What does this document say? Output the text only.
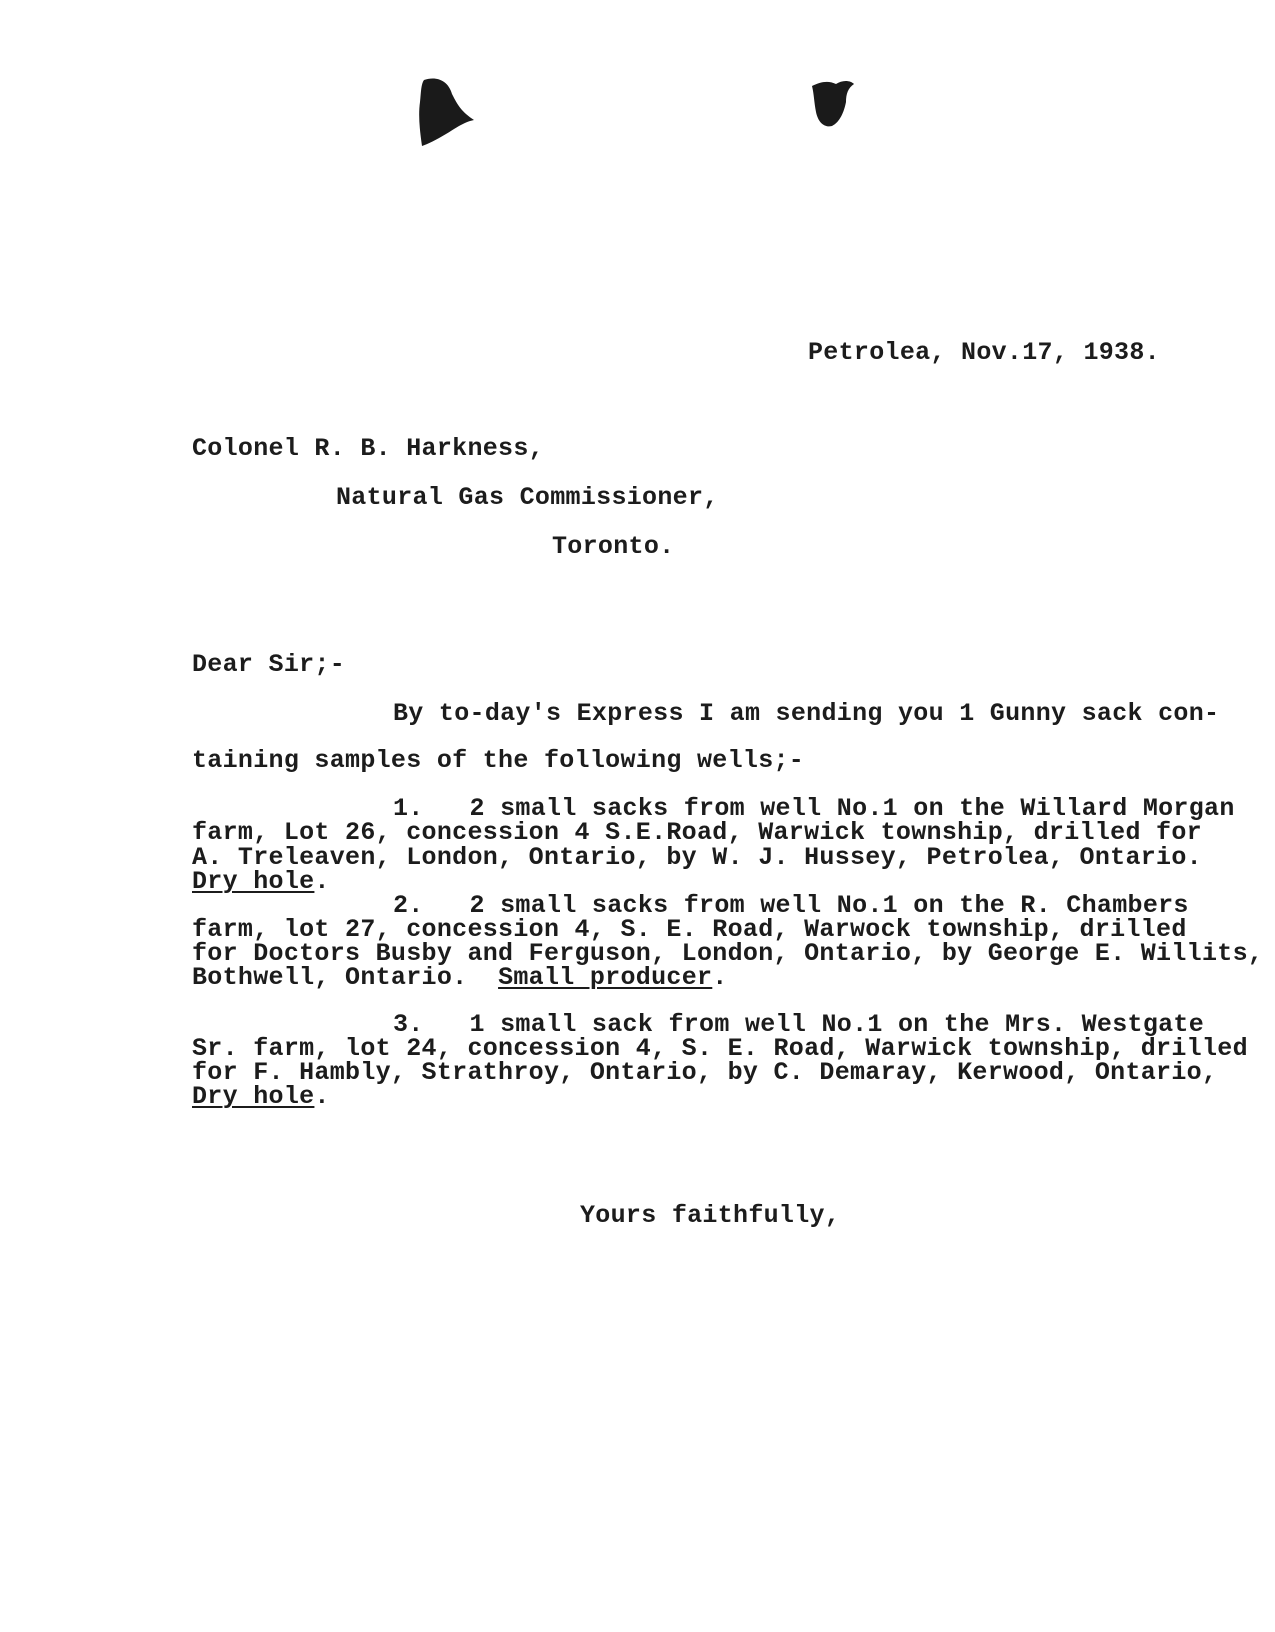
Petrolea, Nov.17, 1938.
Colonel R. B. Harkness,
Natural Gas Commissioner,
Toronto.
Dear Sir;-
By to-day's Express I am sending you 1 Gunny sack con-
taining samples of the following wells;-
1.   2 small sacks from well No.1 on the Willard Morgan
farm, Lot 26, concession 4 S.E.Road, Warwick township, drilled for
A. Treleaven, London, Ontario, by W. J. Hussey, Petrolea, Ontario.
Dry hole.
2.   2 small sacks from well No.1 on the R. Chambers
farm, lot 27, concession 4, S. E. Road, Warwock township, drilled
for Doctors Busby and Ferguson, London, Ontario, by George E. Willits,
Bothwell, Ontario.  Small producer.
3.   1 small sack from well No.1 on the Mrs. Westgate
Sr. farm, lot 24, concession 4, S. E. Road, Warwick township, drilled
for F. Hambly, Strathroy, Ontario, by C. Demaray, Kerwood, Ontario,
Dry hole.
Yours faithfully,
